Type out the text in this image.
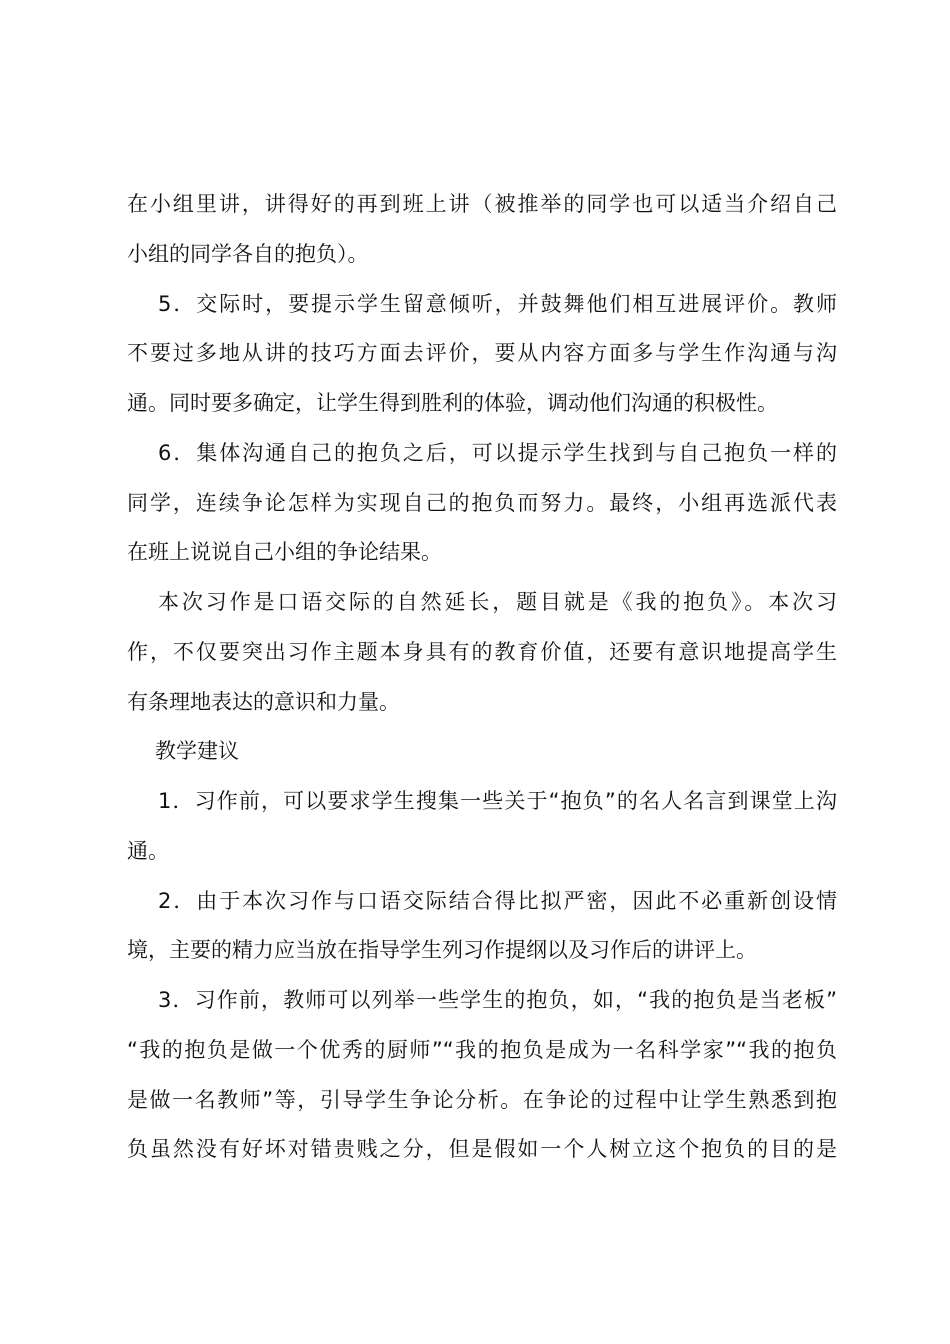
在小组里讲，讲得好的再到班上讲（被推举的同学也可以适当介绍自己
小组的同学各自的抱负）。
5．交际时，要提示学生留意倾听，并鼓舞他们相互进展评价。教师
不要过多地从讲的技巧方面去评价，要从内容方面多与学生作沟通与沟
通。同时要多确定，让学生得到胜利的体验，调动他们沟通的积极性。
6．集体沟通自己的抱负之后，可以提示学生找到与自己抱负一样的
同学，连续争论怎样为实现自己的抱负而努力。最终，小组再选派代表
在班上说说自己小组的争论结果。
本次习作是口语交际的自然延长，题目就是《我的抱负》。本次习
作，不仅要突出习作主题本身具有的教育价值，还要有意识地提高学生
有条理地表达的意识和力量。
教学建议
1．习作前，可以要求学生搜集一些关于“抱负”的名人名言到课堂上沟
通。
2．由于本次习作与口语交际结合得比拟严密，因此不必重新创设情
境，主要的精力应当放在指导学生列习作提纲以及习作后的讲评上。
3．习作前，教师可以列举一些学生的抱负，如，“我的抱负是当老板”
“我的抱负是做一个优秀的厨师”“我的抱负是成为一名科学家”“我的抱负
是做一名教师”等，引导学生争论分析。在争论的过程中让学生熟悉到抱
负虽然没有好坏对错贵贱之分，但是假如一个人树立这个抱负的目的是
